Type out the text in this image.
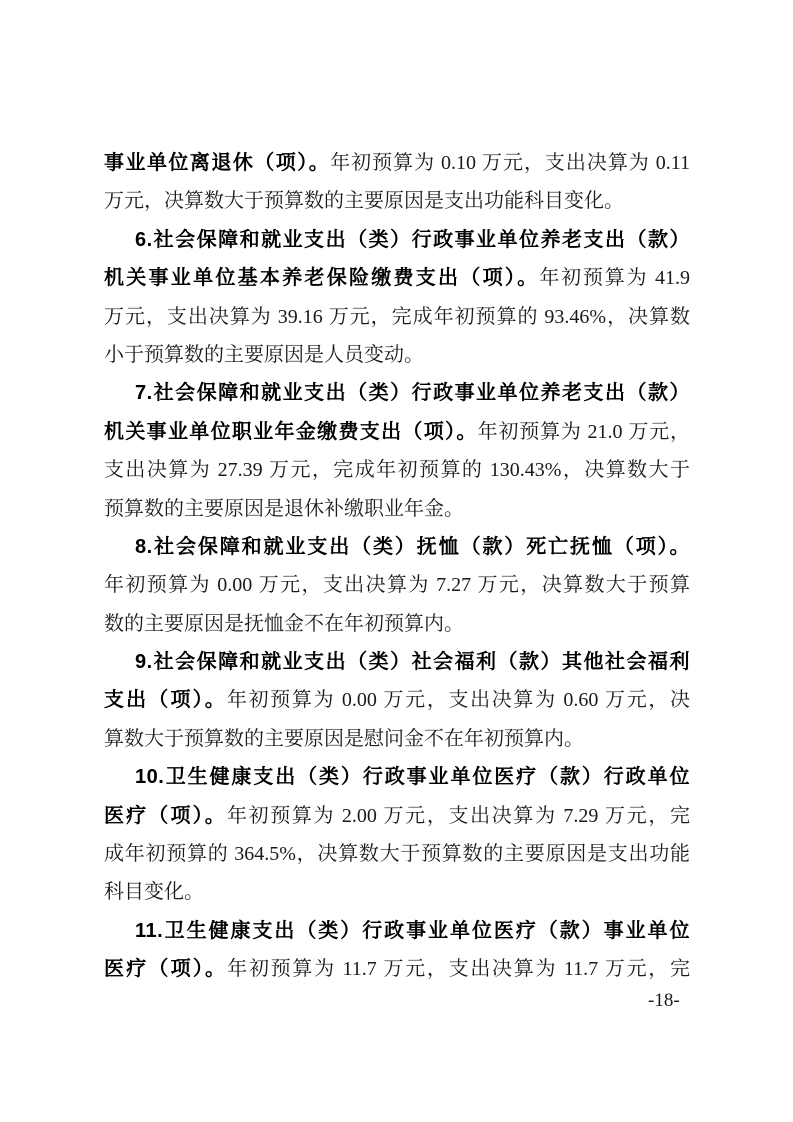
事业单位离退休（项）。年初预算为 0.10 万元，支出决算为 0.11
万元，决算数大于预算数的主要原因是支出功能科目变化。
6.社会保障和就业支出（类）行政事业单位养老支出（款）
机关事业单位基本养老保险缴费支出（项）。年初预算为 41.9
万元，支出决算为 39.16 万元，完成年初预算的 93.46%，决算数
小于预算数的主要原因是人员变动。
7.社会保障和就业支出（类）行政事业单位养老支出（款）
机关事业单位职业年金缴费支出（项）。年初预算为 21.0 万元，
支出决算为 27.39 万元，完成年初预算的 130.43%，决算数大于
预算数的主要原因是退休补缴职业年金。
8.社会保障和就业支出（类）抚恤（款）死亡抚恤（项）。
年初预算为 0.00 万元，支出决算为 7.27 万元，决算数大于预算
数的主要原因是抚恤金不在年初预算内。
9.社会保障和就业支出（类）社会福利（款）其他社会福利
支出（项）。年初预算为 0.00 万元，支出决算为 0.60 万元，决
算数大于预算数的主要原因是慰问金不在年初预算内。
10.卫生健康支出（类）行政事业单位医疗（款）行政单位
医疗（项）。年初预算为 2.00 万元，支出决算为 7.29 万元，完
成年初预算的 364.5%，决算数大于预算数的主要原因是支出功能
科目变化。
11.卫生健康支出（类）行政事业单位医疗（款）事业单位
医疗（项）。年初预算为 11.7 万元，支出决算为 11.7 万元，完
-18-
